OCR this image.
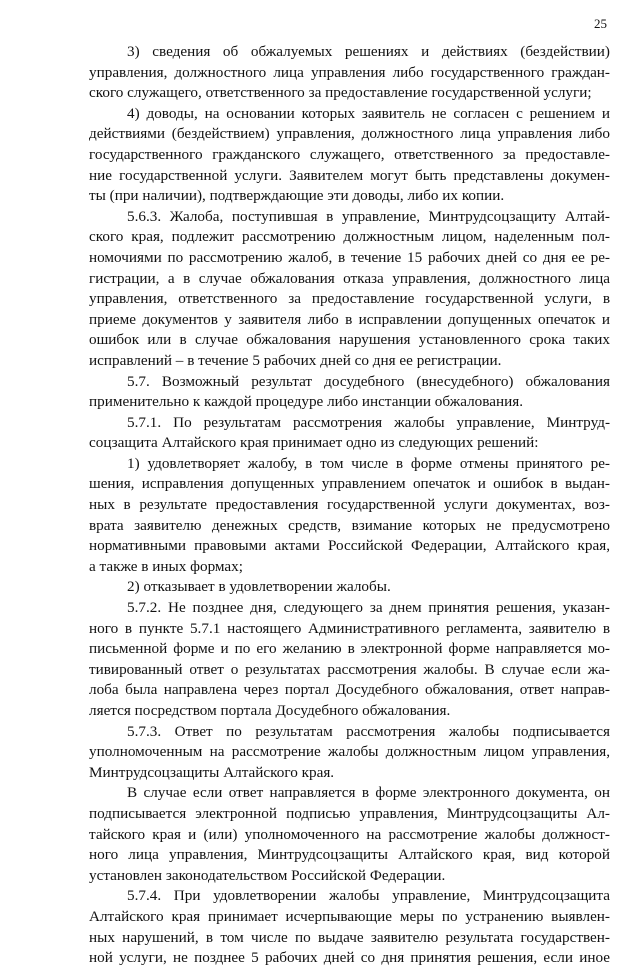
25
3) сведения об обжалуемых решениях и действиях (бездействии)
управления, должностного лица управления либо государственного граждан-
ского служащего, ответственного за предоставление государственной услуги;
4) доводы, на основании которых заявитель не согласен с решением и
действиями (бездействием) управления, должностного лица управления либо
государственного гражданского служащего, ответственного за предоставле-
ние государственной услуги. Заявителем могут быть представлены докумен-
ты (при наличии), подтверждающие эти доводы, либо их копии.
5.6.3. Жалоба, поступившая в управление, Минтрудсоцзащиту Алтай-
ского края, подлежит рассмотрению должностным лицом, наделенным пол-
номочиями по рассмотрению жалоб, в течение 15 рабочих дней со дня ее ре-
гистрации, а в случае обжалования отказа управления, должностного лица
управления, ответственного за предоставление государственной услуги, в
приеме документов у заявителя либо в исправлении допущенных опечаток и
ошибок или в случае обжалования нарушения установленного срока таких
исправлений – в течение 5 рабочих дней со дня ее регистрации.
5.7. Возможный результат досудебного (внесудебного) обжалования
применительно к каждой процедуре либо инстанции обжалования.
5.7.1. По результатам рассмотрения жалобы управление, Минтруд-
соцзащита Алтайского края принимает одно из следующих решений:
1) удовлетворяет жалобу, в том числе в форме отмены принятого ре-
шения, исправления допущенных управлением опечаток и ошибок в выдан-
ных в результате предоставления государственной услуги документах, воз-
врата заявителю денежных средств, взимание которых не предусмотрено
нормативными правовыми актами Российской Федерации, Алтайского края,
а также в иных формах;
2) отказывает в удовлетворении жалобы.
5.7.2. Не позднее дня, следующего за днем принятия решения, указан-
ного в пункте 5.7.1 настоящего Административного регламента, заявителю в
письменной форме и по его желанию в электронной форме направляется мо-
тивированный ответ о результатах рассмотрения жалобы. В случае если жа-
лоба была направлена через портал Досудебного обжалования, ответ направ-
ляется посредством портала Досудебного обжалования.
5.7.3. Ответ по результатам рассмотрения жалобы подписывается
уполномоченным на рассмотрение жалобы должностным лицом управления,
Минтрудсоцзащиты Алтайского края.
В случае если ответ направляется в форме электронного документа, он
подписывается электронной подписью управления, Минтрудсоцзащиты Ал-
тайского края и (или) уполномоченного на рассмотрение жалобы должност-
ного лица управления, Минтрудсоцзащиты Алтайского края, вид которой
установлен законодательством Российской Федерации.
5.7.4. При удовлетворении жалобы управление, Минтрудсоцзащита
Алтайского края принимает исчерпывающие меры по устранению выявлен-
ных нарушений, в том числе по выдаче заявителю результата государствен-
ной услуги, не позднее 5 рабочих дней со дня принятия решения, если иное
